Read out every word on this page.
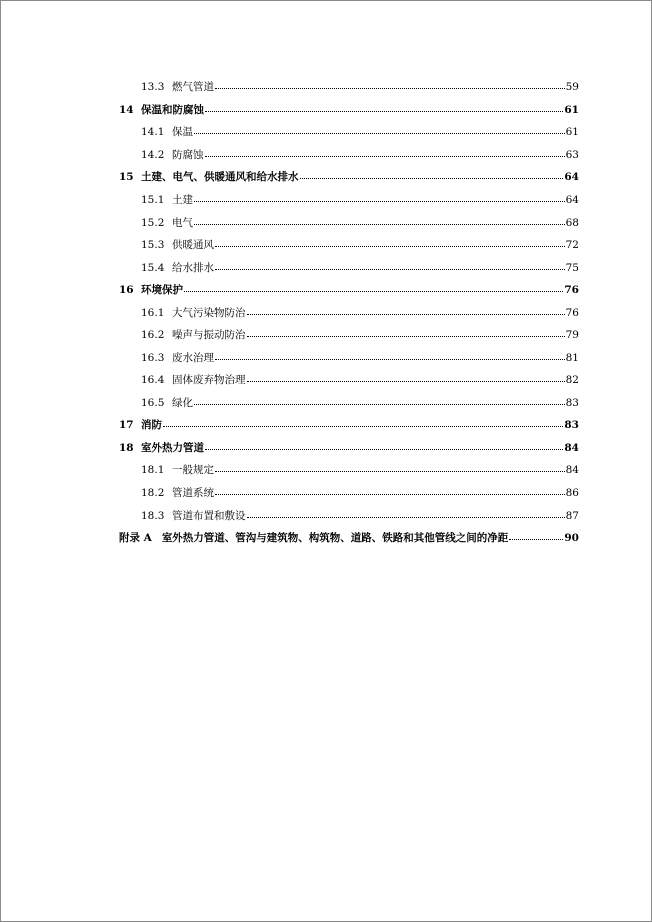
13.3 燃气管道	59
14 保温和防腐蚀	61
14.1 保温	61
14.2 防腐蚀	63
15 土建、电气、供暖通风和给水排水	64
15.1 土建	64
15.2 电气	68
15.3 供暖通风	72
15.4 给水排水	75
16 环境保护	76
16.1 大气污染物防治	76
16.2 噪声与振动防治	79
16.3 废水治理	81
16.4 固体废弃物治理	82
16.5 绿化	83
17 消防	83
18 室外热力管道	84
18.1 一般规定	84
18.2 管道系统	86
18.3 管道布置和敷设	87
附录 A 室外热力管道、管沟与建筑物、构筑物、道路、铁路和其他管线之间的净距	90
